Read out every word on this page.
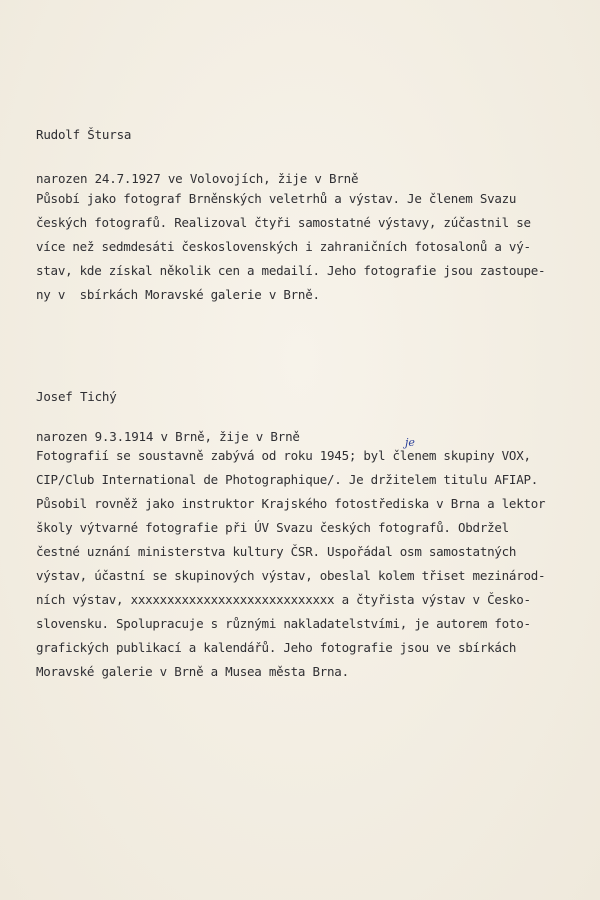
Rudolf Štursa

narozen 24.7.1927 ve Volovojích, žije v Brně

Působí jako fotograf Brněnských veletrhů a výstav. Je členem Svazu
českých fotografů. Realizoval čtyři samostatné výstavy, zúčastnil se
více než sedmdesáti československých i zahraničních fotosalonů a vý-
stav, kde získal několik cen a medailí. Jeho fotografie jsou zastoupe-
ny v  sbírkách Moravské galerie v Brně.

Josef Tichý

narozen 9.3.1914 v Brně, žije v Brně

Fotografií se soustavně zabývá od roku 1945; byl členem skupiny VOX,
CIP/Club International de Photographique/. Je držitelem titulu AFIAP.
Působil rovněž jako instruktor Krajského fotostřediska v Brna a lektor
školy výtvarné fotografie při ÚV Svazu českých fotografů. Obdržel
čestné uznání ministerstva kultury ČSR. Uspořádal osm samostatných
výstav, účastní se skupinových výstav, obeslal kolem třiset mezinárod-
ních výstav, xxxxxxxxxxxxxxxxxxxxxxxxxxxx a čtyřista výstav v Česko-
slovensku. Spolupracuje s různými nakladatelstvími, je autorem foto-
grafických publikací a kalendářů. Jeho fotografie jsou ve sbírkách
Moravské galerie v Brně a Musea města Brna.
je
